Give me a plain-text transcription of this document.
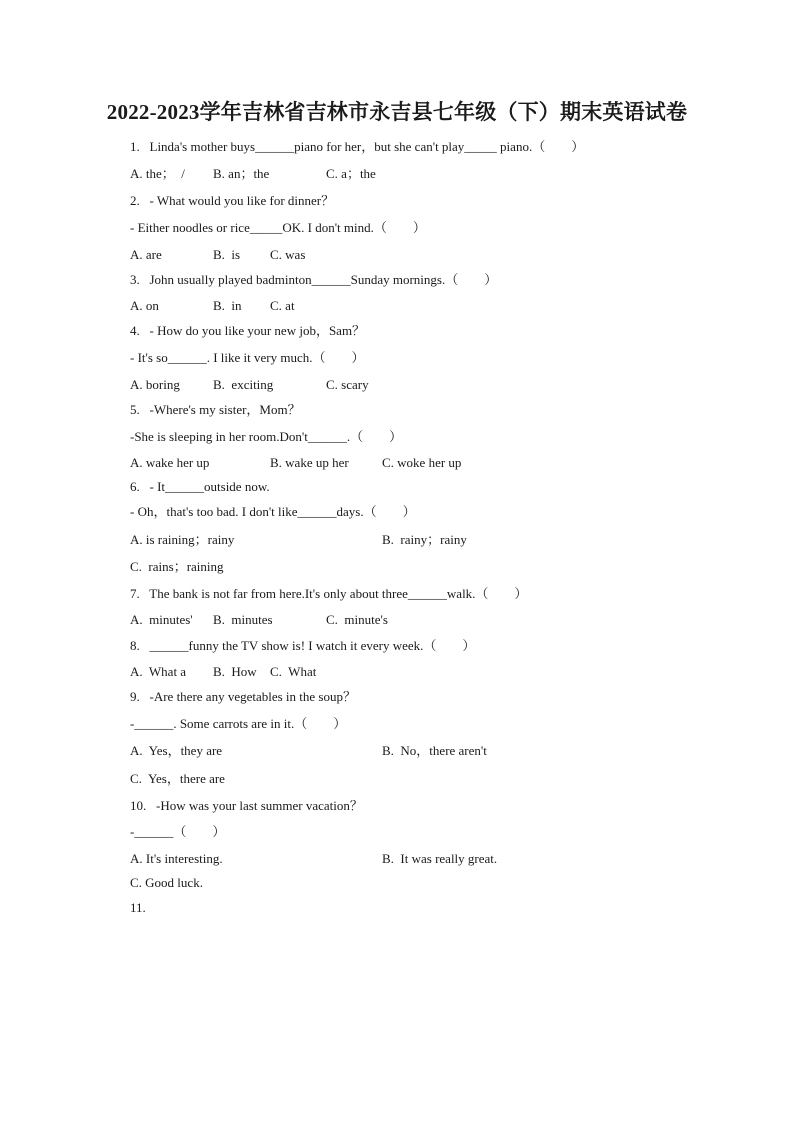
2022-2023学年吉林省吉林市永吉县七年级（下）期末英语试卷
1.   Linda's mother buys______piano for her，but she can't play_____ piano.（        ）
A. the；  / B. an；the	C. a；the
2.   - What would you like for dinner？
- Either noodles or rice_____OK. I don't mind.（        ）
A. are	B.  is C. was
3.   John usually played badminton______Sunday mornings.（        ）
A. on	B.  in C. at
4.   - How do you like your new job，Sam？
- It's so______. I like it very much.（        ）
A. boring	B.  exciting	C. scary
5.   -Where's my sister，Mom？
-She is sleeping in her room.Don't______.（        ）
A. wake her up	B. wake up her	C. woke her up
6.   - It______outside now.
- Oh，that's too bad. I don't like______days.（        ）
A. is raining；rainy	B.  rainy；rainy
C.  rains；raining
7.   The bank is not far from here.It's only about three______walk.（        ）
A.  minutes' B.  minutes	C.  minute's
8.   ______funny the TV show is! I watch it every week.（        ）
A.  What a B.  How C.  What
9.   -Are there any vegetables in the soup？
-______. Some carrots are in it.（        ）
A.  Yes，they are	B.  No，there aren't
C.  Yes，there are
10.   -How was your last summer vacation？
-______（        ）
A. It's interesting.	B.  It was really great.
C. Good luck.
11.
